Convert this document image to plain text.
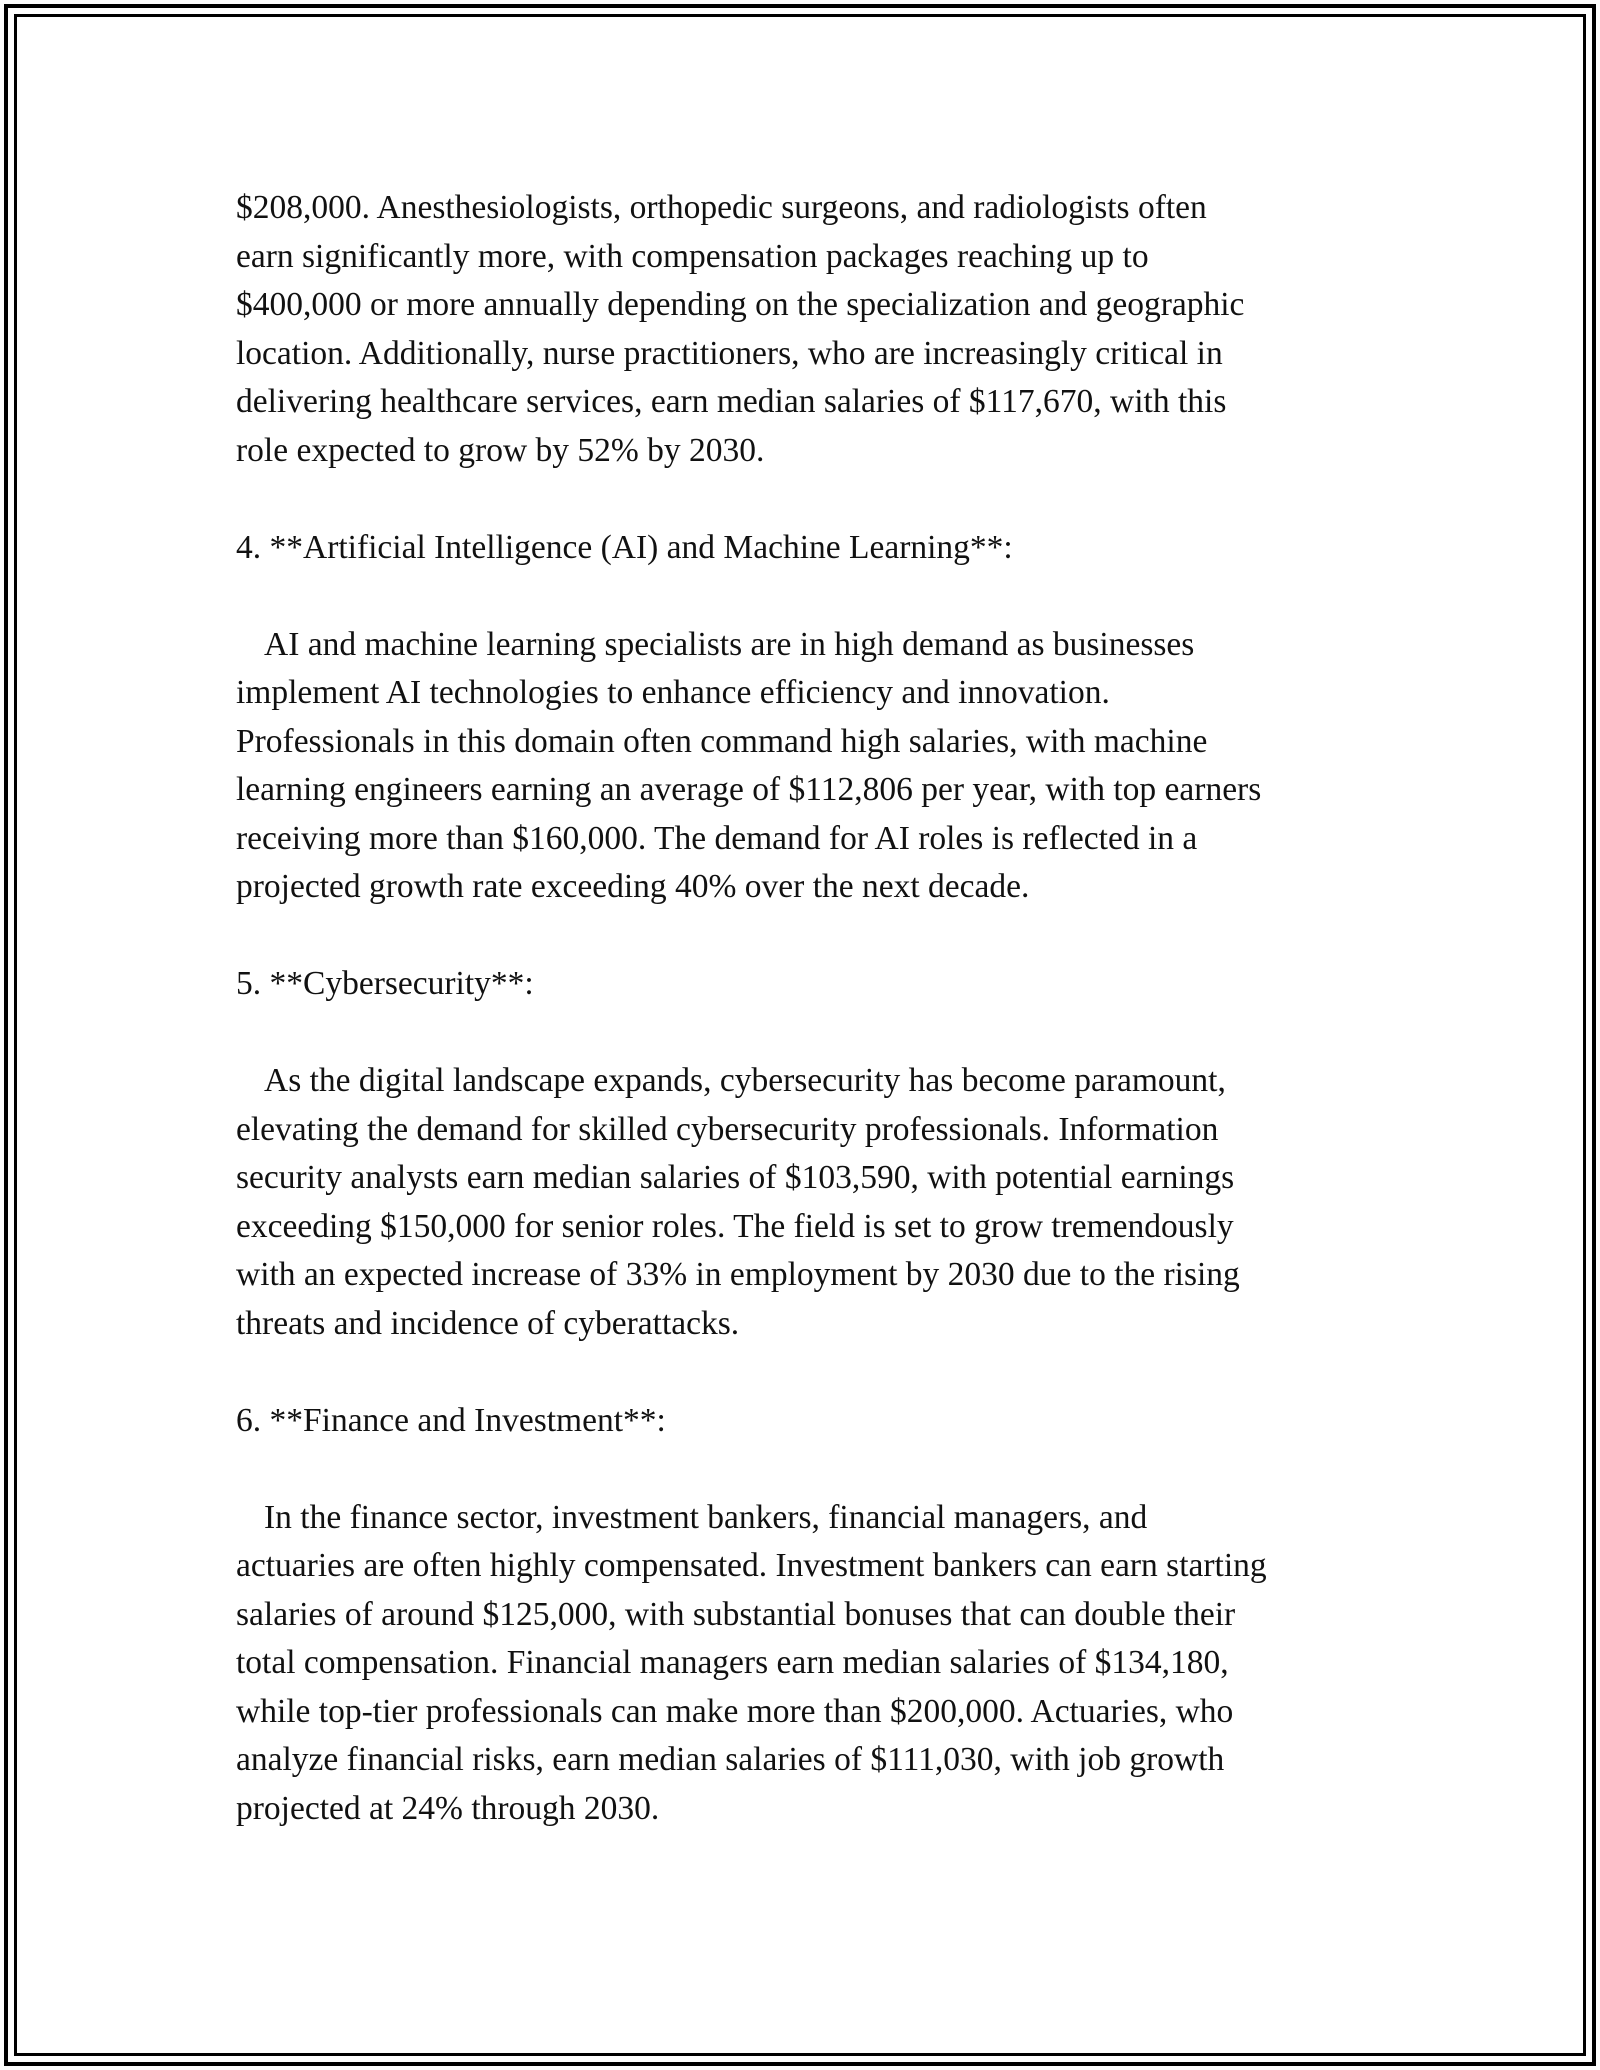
$208,000. Anesthesiologists, orthopedic surgeons, and radiologists often
earn significantly more, with compensation packages reaching up to
$400,000 or more annually depending on the specialization and geographic
location. Additionally, nurse practitioners, who are increasingly critical in
delivering healthcare services, earn median salaries of $117,670, with this
role expected to grow by 52% by 2030.
4. **Artificial Intelligence (AI) and Machine Learning**:
AI and machine learning specialists are in high demand as businesses
implement AI technologies to enhance efficiency and innovation.
Professionals in this domain often command high salaries, with machine
learning engineers earning an average of $112,806 per year, with top earners
receiving more than $160,000. The demand for AI roles is reflected in a
projected growth rate exceeding 40% over the next decade.
5. **Cybersecurity**:
As the digital landscape expands, cybersecurity has become paramount,
elevating the demand for skilled cybersecurity professionals. Information
security analysts earn median salaries of $103,590, with potential earnings
exceeding $150,000 for senior roles. The field is set to grow tremendously
with an expected increase of 33% in employment by 2030 due to the rising
threats and incidence of cyberattacks.
6. **Finance and Investment**:
In the finance sector, investment bankers, financial managers, and
actuaries are often highly compensated. Investment bankers can earn starting
salaries of around $125,000, with substantial bonuses that can double their
total compensation. Financial managers earn median salaries of $134,180,
while top-tier professionals can make more than $200,000. Actuaries, who
analyze financial risks, earn median salaries of $111,030, with job growth
projected at 24% through 2030.
